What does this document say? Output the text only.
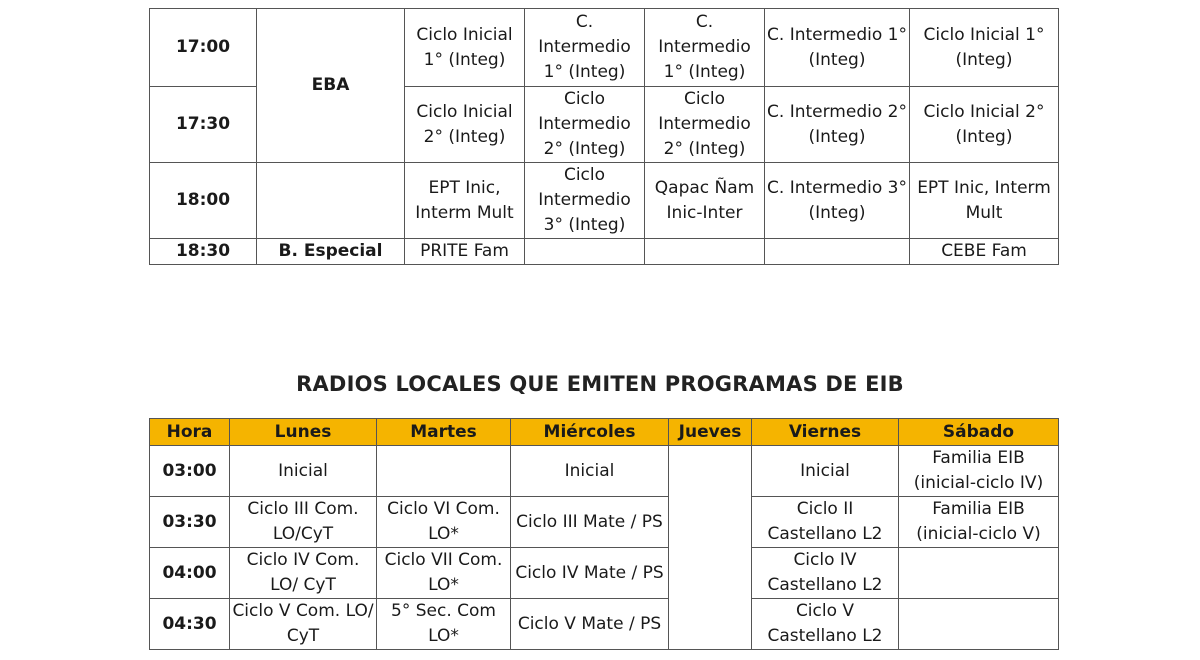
17:00	EBA	Ciclo Inicial 1° (Integ)	C. Intermedio 1° (Integ)	C. Intermedio 1° (Integ)	C. Intermedio 1° (Integ)	Ciclo Inicial 1° (Integ)
17:30		Ciclo Inicial 2° (Integ)	Ciclo Intermedio 2° (Integ)	Ciclo Intermedio 2° (Integ)	C. Intermedio 2° (Integ)	Ciclo Inicial 2° (Integ)
18:00		EPT Inic, Interm Mult	Ciclo Intermedio 3° (Integ)	Qapac Ñam Inic-Inter	C. Intermedio 3° (Integ)	EPT Inic, Interm Mult
18:30	B. Especial	PRITE Fam				CEBE Fam
RADIOS LOCALES QUE EMITEN PROGRAMAS DE EIB
Hora	Lunes	Martes	Miércoles	Jueves	Viernes	Sábado
03:00	Inicial		Inicial		Inicial	Familia EIB (inicial-ciclo IV)
03:30	Ciclo III Com. LO/CyT	Ciclo VI Com. LO*	Ciclo III Mate / PS		Ciclo II Castellano L2	Familia EIB (inicial-ciclo V)
04:00	Ciclo IV Com. LO/ CyT	Ciclo VII Com. LO*	Ciclo IV Mate / PS		Ciclo IV Castellano L2	
04:30	Ciclo V Com. LO/ CyT	5° Sec. Com LO*	Ciclo V Mate / PS		Ciclo V Castellano L2	
